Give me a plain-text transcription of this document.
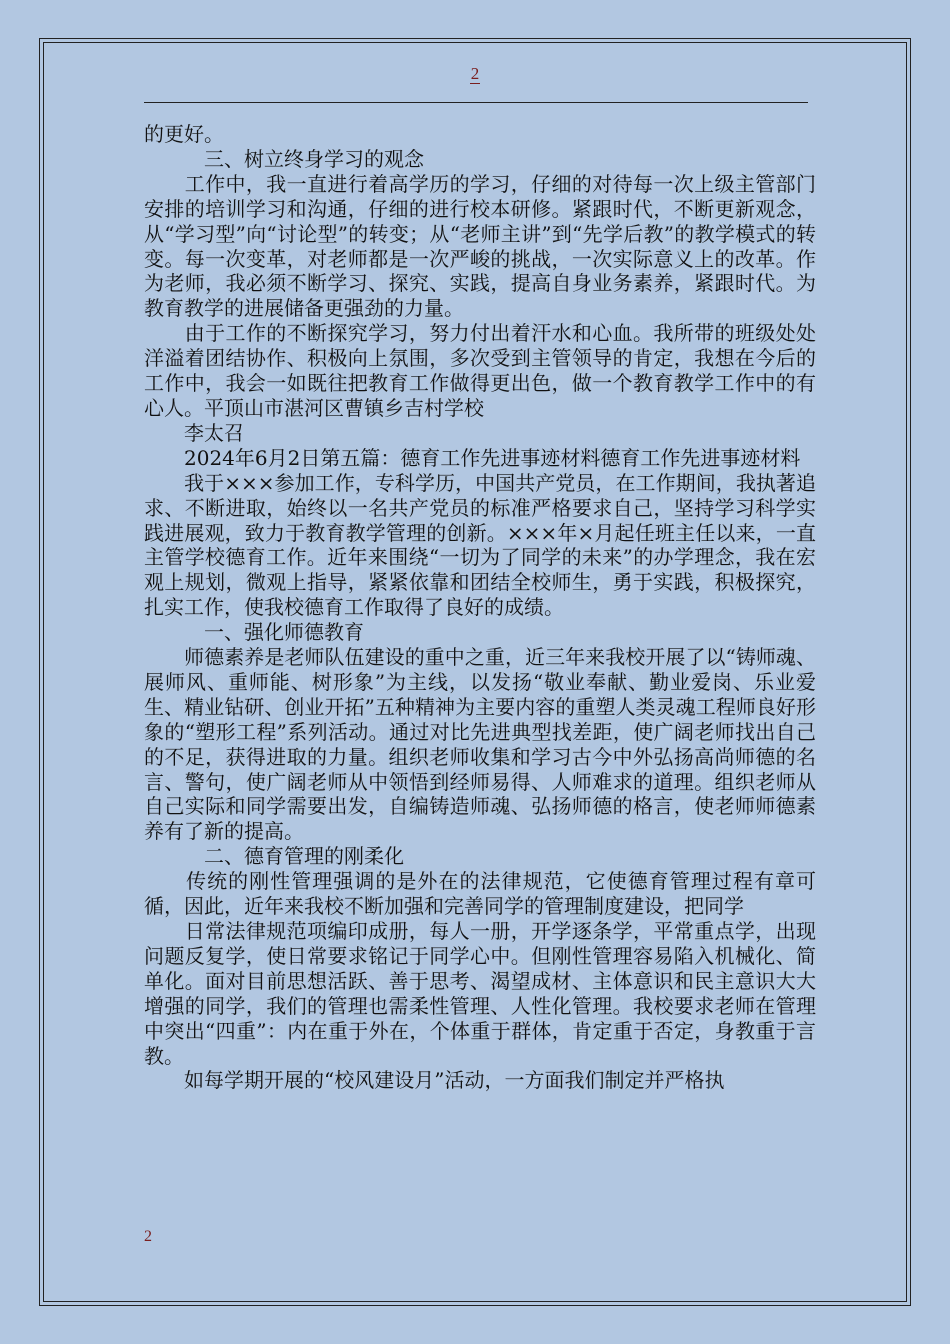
2

的更好。

　　　三、树立终身学习的观念

　　工作中，我一直进行着高学历的学习，仔细的对待每一次上级主管部门安排的培训学习和沟通，仔细的进行校本研修。紧跟时代，不断更新观念，从“学习型”向“讨论型”的转变；从“老师主讲”到“先学后教”的教学模式的转变。每一次变革，对老师都是一次严峻的挑战，一次实际意义上的改革。作为老师，我必须不断学习、探究、实践，提高自身业务素养，紧跟时代。为教育教学的进展储备更强劲的力量。

　　由于工作的不断探究学习，努力付出着汗水和心血。我所带的班级处处洋溢着团结协作、积极向上氛围，多次受到主管领导的肯定，我想在今后的工作中，我会一如既往把教育工作做得更出色，做一个教育教学工作中的有心人。平顶山市湛河区曹镇乡吉村学校

　　李太召

　　2024年6月2日第五篇：德育工作先进事迹材料德育工作先进事迹材料

　　我于×××参加工作，专科学历，中国共产党员，在工作期间，我执著追求、不断进取，始终以一名共产党员的标准严格要求自己，坚持学习科学实践进展观，致力于教育教学管理的创新。×××年×月起任班主任以来，一直主管学校德育工作。近年来围绕“一切为了同学的未来”的办学理念，我在宏观上规划，微观上指导，紧紧依靠和团结全校师生，勇于实践，积极探究，扎实工作，使我校德育工作取得了良好的成绩。

　　　一、强化师德教育

　　师德素养是老师队伍建设的重中之重，近三年来我校开展了以“铸师魂、展师风、重师能、树形象”为主线，以发扬“敬业奉献、勤业爱岗、乐业爱生、精业钻研、创业开拓”五种精神为主要内容的重塑人类灵魂工程师良好形象的“塑形工程”系列活动。通过对比先进典型找差距，使广阔老师找出自己的不足，获得进取的力量。组织老师收集和学习古今中外弘扬高尚师德的名言、警句，使广阔老师从中领悟到经师易得、人师难求的道理。组织老师从自己实际和同学需要出发，自编铸造师魂、弘扬师德的格言，使老师师德素养有了新的提高。

　　　二、德育管理的刚柔化

　　传统的刚性管理强调的是外在的法律规范，它使德育管理过程有章可循，因此，近年来我校不断加强和完善同学的管理制度建设，把同学

　　日常法律规范项编印成册，每人一册，开学逐条学，平常重点学，出现问题反复学，使日常要求铭记于同学心中。但刚性管理容易陷入机械化、简单化。面对目前思想活跃、善于思考、渴望成材、主体意识和民主意识大大增强的同学，我们的管理也需柔性管理、人性化管理。我校要求老师在管理中突出“四重”：内在重于外在，个体重于群体，肯定重于否定，身教重于言教。

　　如每学期开展的“校风建设月”活动，一方面我们制定并严格执

2
